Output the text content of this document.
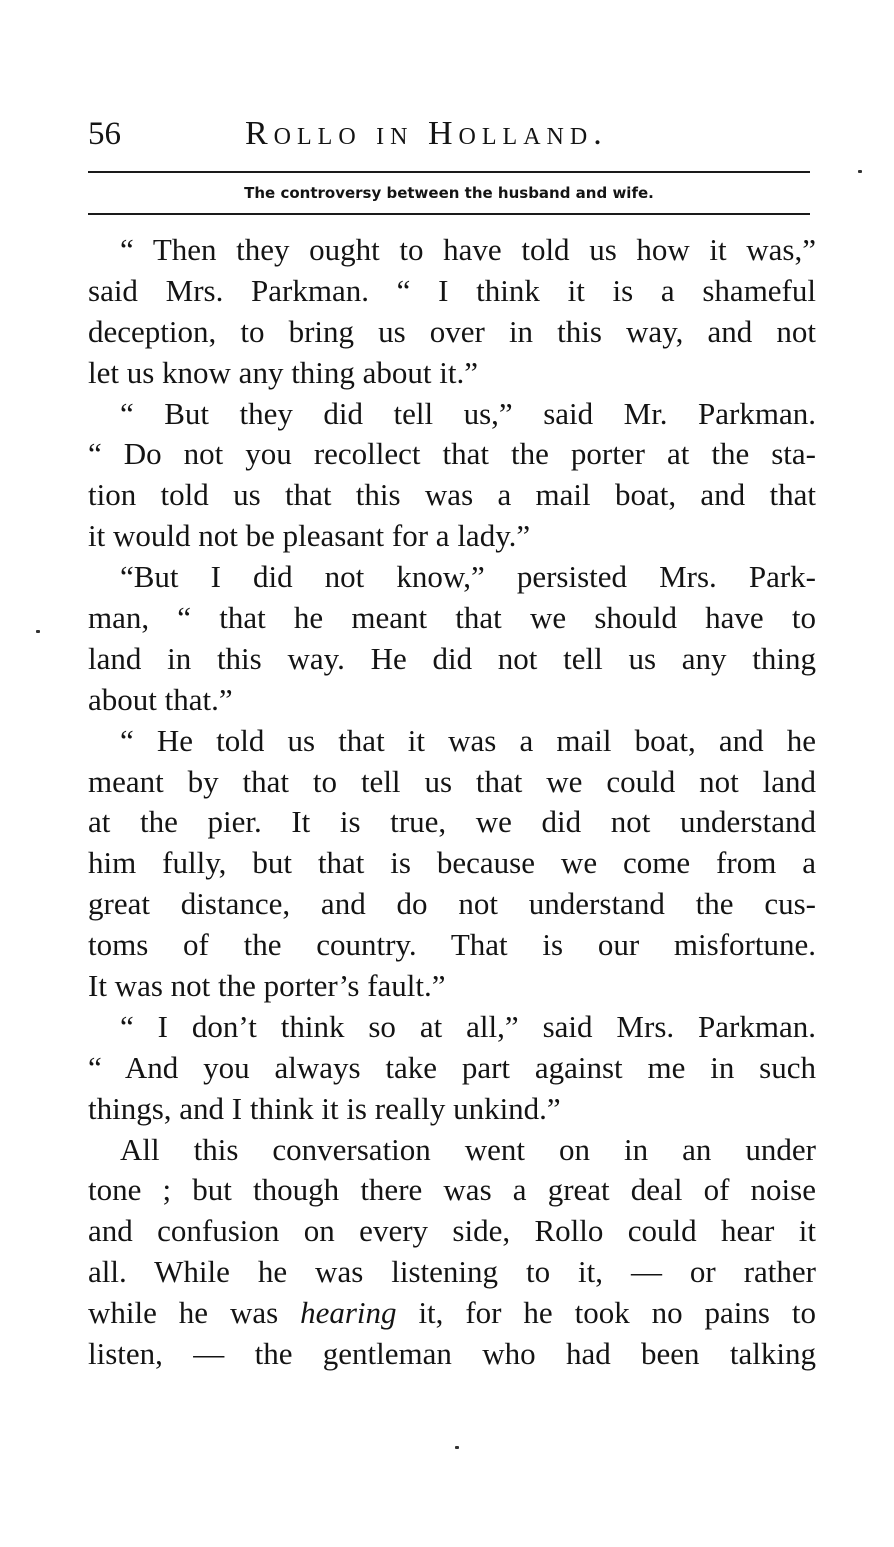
56	Rollo in Holland.
The controversy between the husband and wife.
“ Then they ought to have told us how it was,”
said Mrs. Parkman. “ I think it is a shameful
deception, to bring us over in this way, and not
let us know any thing about it.”
“ But they did tell us,” said Mr. Parkman.
“ Do not you recollect that the porter at the sta-
tion told us that this was a mail boat, and that
it would not be pleasant for a lady.”
“But I did not know,” persisted Mrs. Park-
man, “ that he meant that we should have to
land in this way. He did not tell us any thing
about that.”
“ He told us that it was a mail boat, and he
meant by that to tell us that we could not land
at the pier. It is true, we did not understand
him fully, but that is because we come from a
great distance, and do not understand the cus-
toms of the country. That is our misfortune.
It was not the porter’s fault.”
“ I don’t think so at all,” said Mrs. Parkman.
“ And you always take part against me in such
things, and I think it is really unkind.”
All this conversation went on in an under
tone ; but though there was a great deal of noise
and confusion on every side, Rollo could hear it
all. While he was listening to it, — or rather
while he was hearing it, for he took no pains to
listen, — the gentleman who had been talking
